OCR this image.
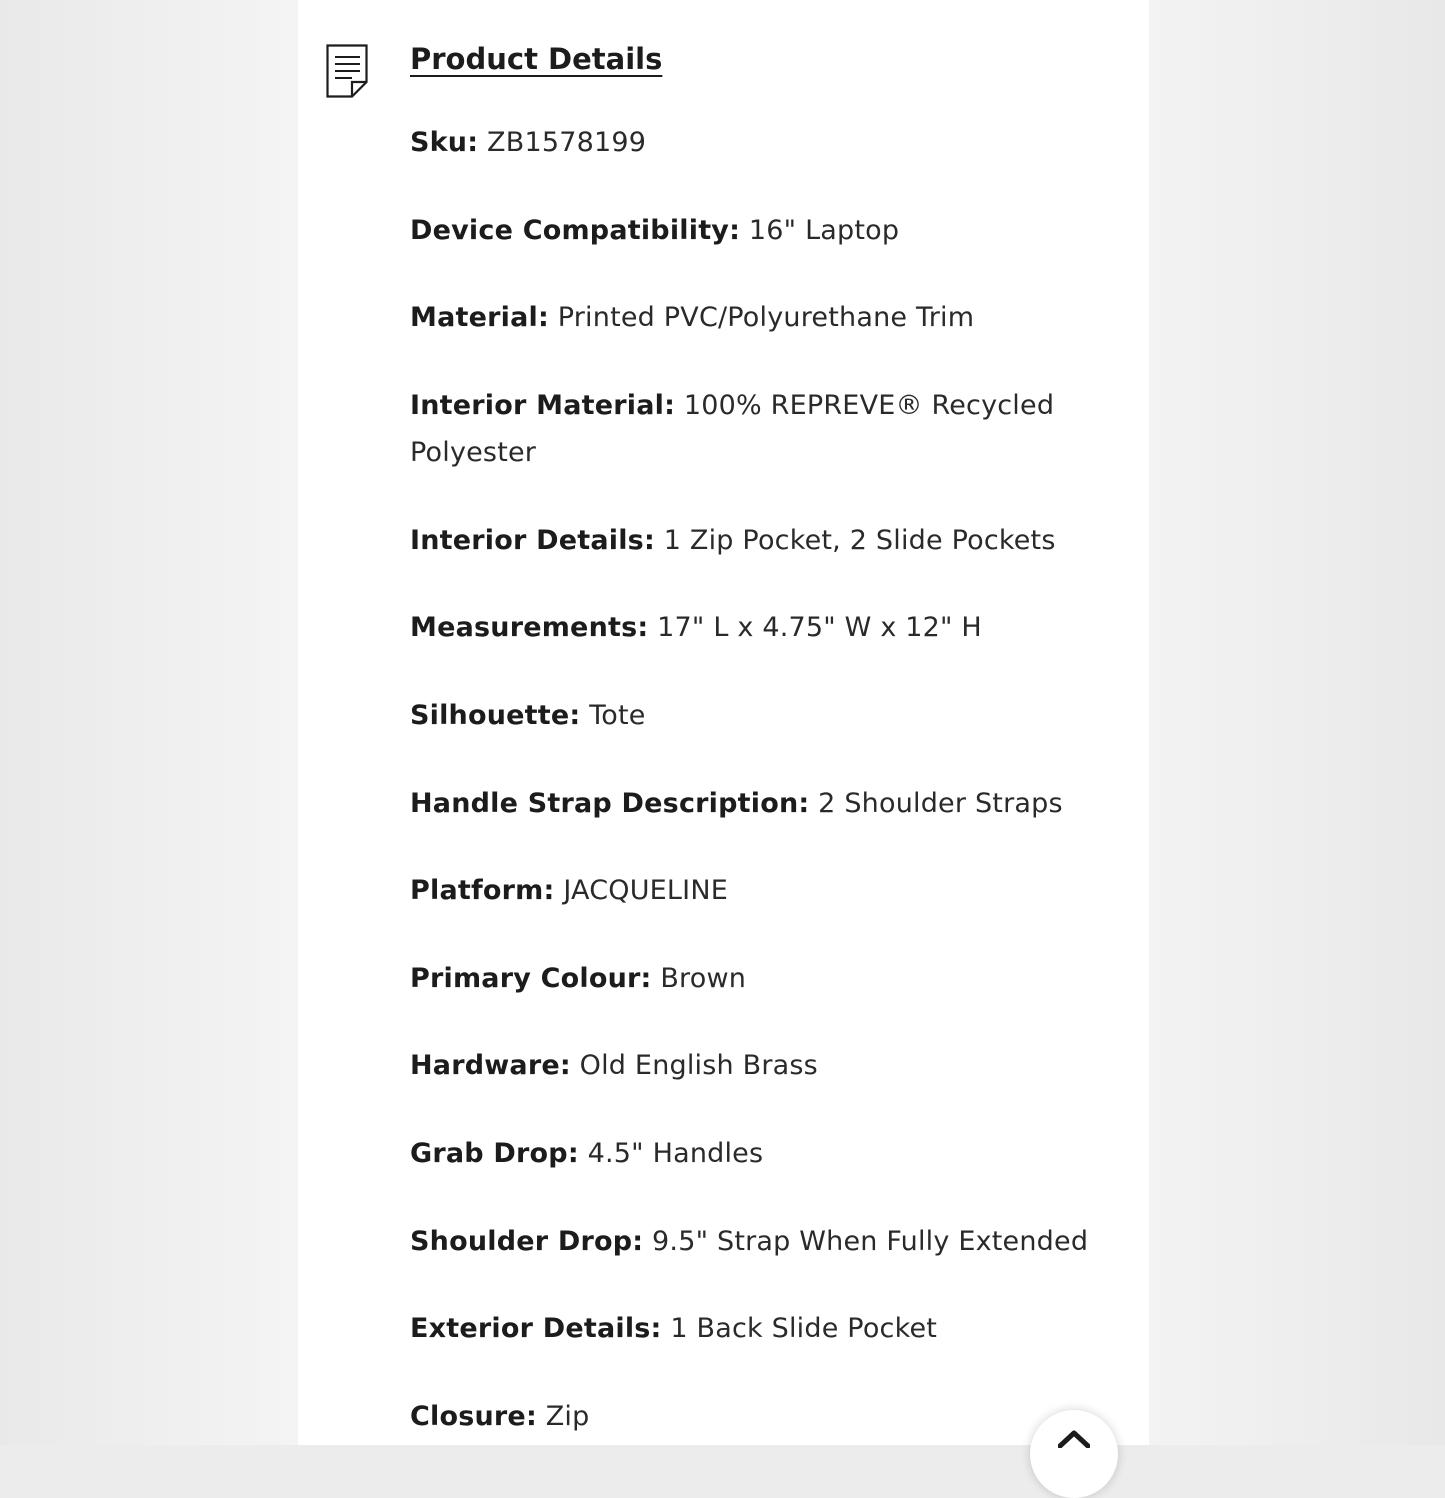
Product Details
Sku: ZB1578199
Device Compatibility: 16" Laptop
Material: Printed PVC/Polyurethane Trim
Interior Material: 100% REPREVE® Recycled Polyester
Interior Details: 1 Zip Pocket, 2 Slide Pockets
Measurements: 17" L x 4.75" W x 12" H
Silhouette: Tote
Handle Strap Description: 2 Shoulder Straps
Platform: JACQUELINE
Primary Colour: Brown
Hardware: Old English Brass
Grab Drop: 4.5" Handles
Shoulder Drop: 9.5" Strap When Fully Extended
Exterior Details: 1 Back Slide Pocket
Closure: Zip
